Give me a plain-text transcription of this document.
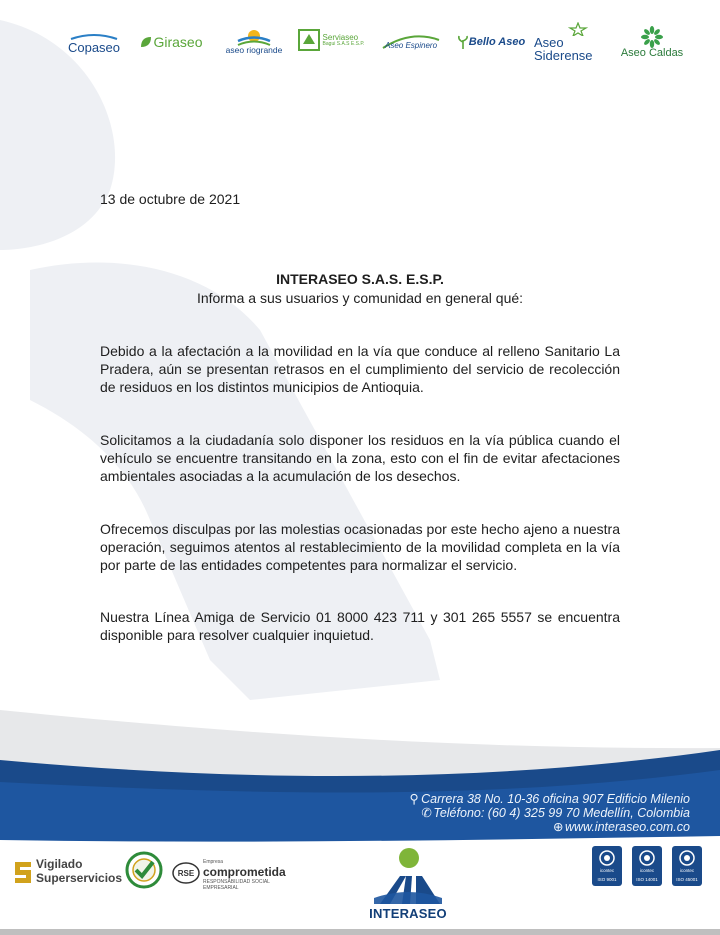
Copaseo Giraseo	aseo riogrande
Serviaseo
Bagui S.A.S E.S.P.	Aseo Espinero	Bello Aseo Aseo
Siderense	Aseo Caldas
13 de octubre de 2021
INTERASEO S.A.S. E.S.P.
Informa a sus usuarios y comunidad en general qué:

Debido a la afectación a la movilidad en la vía que conduce al relleno Sanitario La Pradera, aún se presentan retrasos en el cumplimiento del servicio de recolección de residuos en los distintos municipios de Antioquia.

Solicitamos a la ciudadanía solo disponer los residuos en la vía pública cuando el vehículo se encuentre transitando en la zona, esto con el fin de evitar afectaciones ambientales asociadas a la acumulación de los desechos.

Ofrecemos disculpas por las molestias ocasionadas por este hecho ajeno a nuestra operación, seguimos atentos al restablecimiento de la movilidad completa en la vía por parte de las entidades competentes para normalizar el servicio.

Nuestra Línea Amiga de Servicio 01 8000 423 711 y 301 265 5557 se encuentra disponible para resolver cualquier inquietud.

⚲ Carrera 38 No. 10-36 oficina 907 Edificio Milenio
✆ Teléfono: (60 4) 325 99 70 Medellín, Colombia
⊕ www.interaseo.com.co
Vigilado
Superservicios	RSE
Empresa
comprometida
RESPONSABILIDAD SOCIAL EMPRESARIAL
INTERASEO
icontec
ISO 9001
icontec
ISO 14001
icontec
ISO 45001
